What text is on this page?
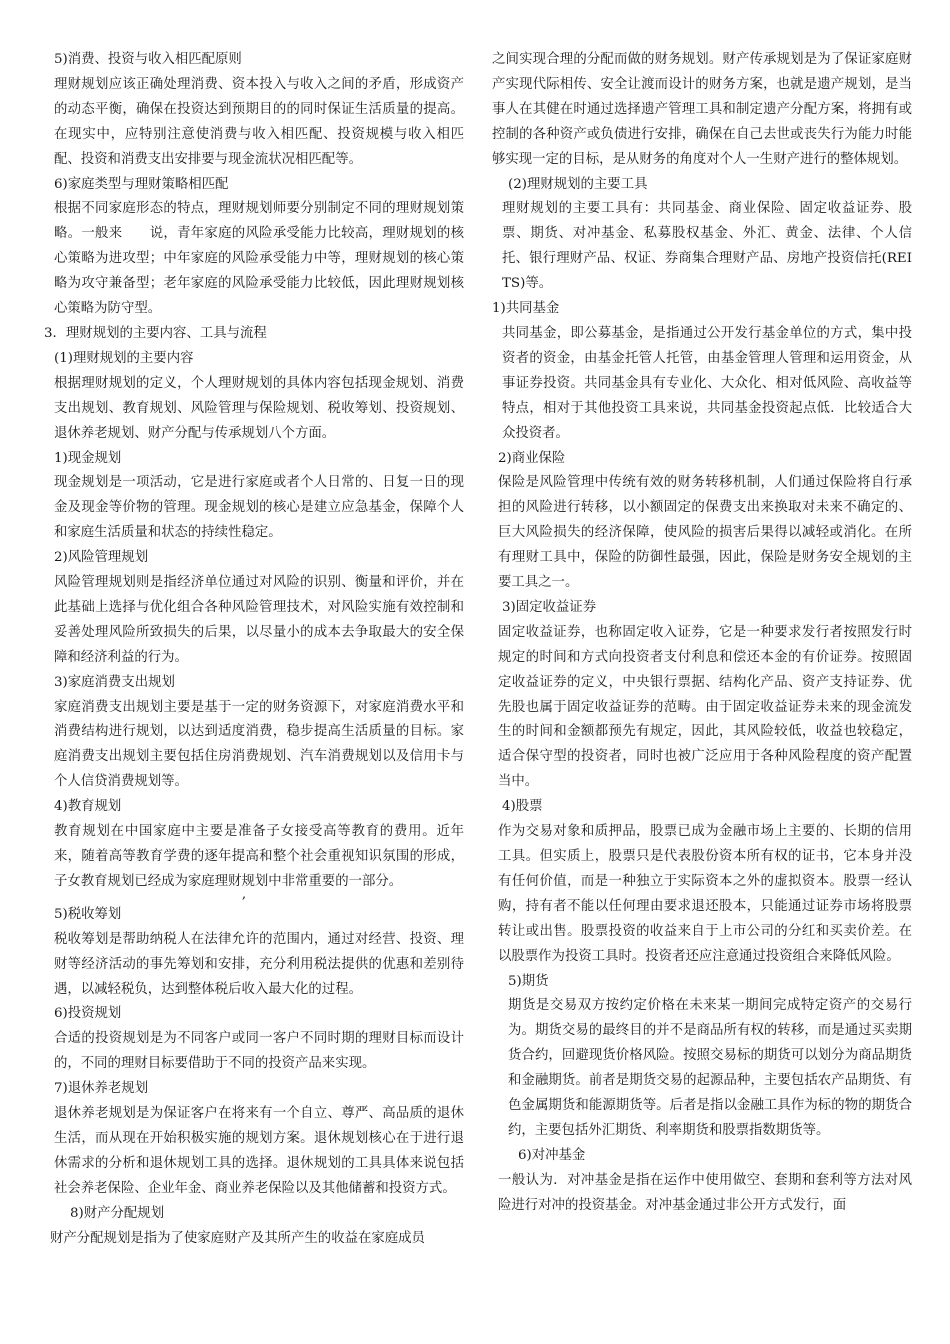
5)消费、投资与收入相匹配原则
理财规划应该正确处理消费、资本投入与收入之间的矛盾，形成资产的动态平衡，确保在投资达到预期目的的同时保证生活质量的提高。在现实中，应特别注意使消费与收入相匹配、投资规模与收入相匹配、投资和消费支出安排要与现金流状况相匹配等。
6)家庭类型与理财策略相匹配
根据不同家庭形态的特点，理财规划师要分别制定不同的理财规划策略。一般来　　说，青年家庭的风险承受能力比较高，理财规划的核心策略为进攻型；中年家庭的风险承受能力中等，理财规划的核心策略为攻守兼备型；老年家庭的风险承受能力比较低，因此理财规划核心策略为防守型。
3．理财规划的主要内容、工具与流程
(1)理财规划的主要内容
根据理财规划的定义，个人理财规划的具体内容包括现金规划、消费支出规划、教育规划、风险管理与保险规划、税收筹划、投资规划、退休养老规划、财产分配与传承规划八个方面。
1)现金规划
现金规划是一项活动，它是进行家庭或者个人日常的、日复一日的现金及现金等价物的管理。现金规划的核心是建立应急基金，保障个人和家庭生活质量和状态的持续性稳定。
2)风险管理规划
风险管理规划则是指经济单位通过对风险的识别、衡量和评价，并在此基础上选择与优化组合各种风险管理技术，对风险实施有效控制和妥善处理风险所致损失的后果，以尽量小的成本去争取最大的安全保障和经济利益的行为。
3)家庭消费支出规划
家庭消费支出规划主要是基于一定的财务资源下，对家庭消费水平和消费结构进行规划，以达到适度消费，稳步提高生活质量的目标。家庭消费支出规划主要包括住房消费规划、汽车消费规划以及信用卡与个人信贷消费规划等。
4)教育规划
教育规划在中国家庭中主要是准备子女接受高等教育的费用。近年来，随着高等教育学费的逐年提高和整个社会重视知识氛围的形成，子女教育规划已经成为家庭理财规划中非常重要的一部分。
,
5)税收筹划
税收筹划是帮助纳税人在法律允许的范围内，通过对经营、投资、理财等经济活动的事先筹划和安排，充分利用税法提供的优惠和差别待遇，以减轻税负，达到整体税后收入最大化的过程。
6)投资规划
合适的投资规划是为不同客户或同一客户不同时期的理财目标而设计的，不同的理财目标要借助于不同的投资产品来实现。
7)退休养老规划
退休养老规划是为保证客户在将来有一个自立、尊严、高品质的退休生活，而从现在开始积极实施的规划方案。退休规划核心在于进行退休需求的分析和退休规划工具的选择。退休规划的工具具体来说包括社会养老保险、企业年金、商业养老保险以及其他储蓄和投资方式。
8)财产分配规划
财产分配规划是指为了使家庭财产及其所产生的收益在家庭成员
之间实现合理的分配而做的财务规划。财产传承规划是为了保证家庭财产实现代际相传、安全让渡而设计的财务方案，也就是遗产规划，是当事人在其健在时通过选择遗产管理工具和制定遗产分配方案，将拥有或控制的各种资产或负债进行安排，确保在自己去世或丧失行为能力时能够实现一定的目标，是从财务的角度对个人一生财产进行的整体规划。
(2)理财规划的主要工具
理财规划的主要工具有：共同基金、商业保险、固定收益证券、股票、期货、对冲基金、私募股权基金、外汇、黄金、法律、个人信托、银行理财产品、权证、券商集合理财产品、房地产投资信托(REITS)等。
1)共同基金
共同基金，即公募基金，是指通过公开发行基金单位的方式，集中投资者的资金，由基金托管人托管，由基金管理人管理和运用资金，从事证券投资。共同基金具有专业化、大众化、相对低风险、高收益等特点，相对于其他投资工具来说，共同基金投资起点低．比较适合大众投资者。
2)商业保险
保险是风险管理中传统有效的财务转移机制，人们通过保险将自行承担的风险进行转移，以小额固定的保费支出来换取对未来不确定的、巨大风险损失的经济保障，使风险的损害后果得以减轻或消化。在所有理财工具中，保险的防御性最强，因此，保险是财务安全规划的主要工具之一。
3)固定收益证券
固定收益证券，也称固定收入证券，它是一种要求发行者按照发行时规定的时间和方式向投资者支付利息和偿还本金的有价证券。按照固定收益证券的定义，中央银行票据、结构化产品、资产支持证券、优先股也属于固定收益证券的范畴。由于固定收益证券未来的现金流发生的时间和金额都预先有规定，因此，其风险较低，收益也较稳定，适合保守型的投资者，同时也被广泛应用于各种风险程度的资产配置当中。
4)股票
作为交易对象和质押品，股票已成为金融市场上主要的、长期的信用工具。但实质上，股票只是代表股份资本所有权的证书，它本身并没有任何价值，而是一种独立于实际资本之外的虚拟资本。股票一经认购，持有者不能以任何理由要求退还股本，只能通过证券市场将股票转让或出售。股票投资的收益来自于上市公司的分红和买卖价差。在以股票作为投资工具时。投资者还应注意通过投资组合来降低风险。
5)期货
期货是交易双方按约定价格在未来某一期间完成特定资产的交易行为。期货交易的最终目的并不是商品所有权的转移，而是通过买卖期货合约，回避现货价格风险。按照交易标的期货可以划分为商品期货和金融期货。前者是期货交易的起源品种，主要包括农产品期货、有色金属期货和能源期货等。后者是指以金融工具作为标的物的期货合约，主要包括外汇期货、利率期货和股票指数期货等。
6)对冲基金
一般认为．对冲基金是指在运作中使用做空、套期和套利等方法对风险进行对冲的投资基金。对冲基金通过非公开方式发行，面
